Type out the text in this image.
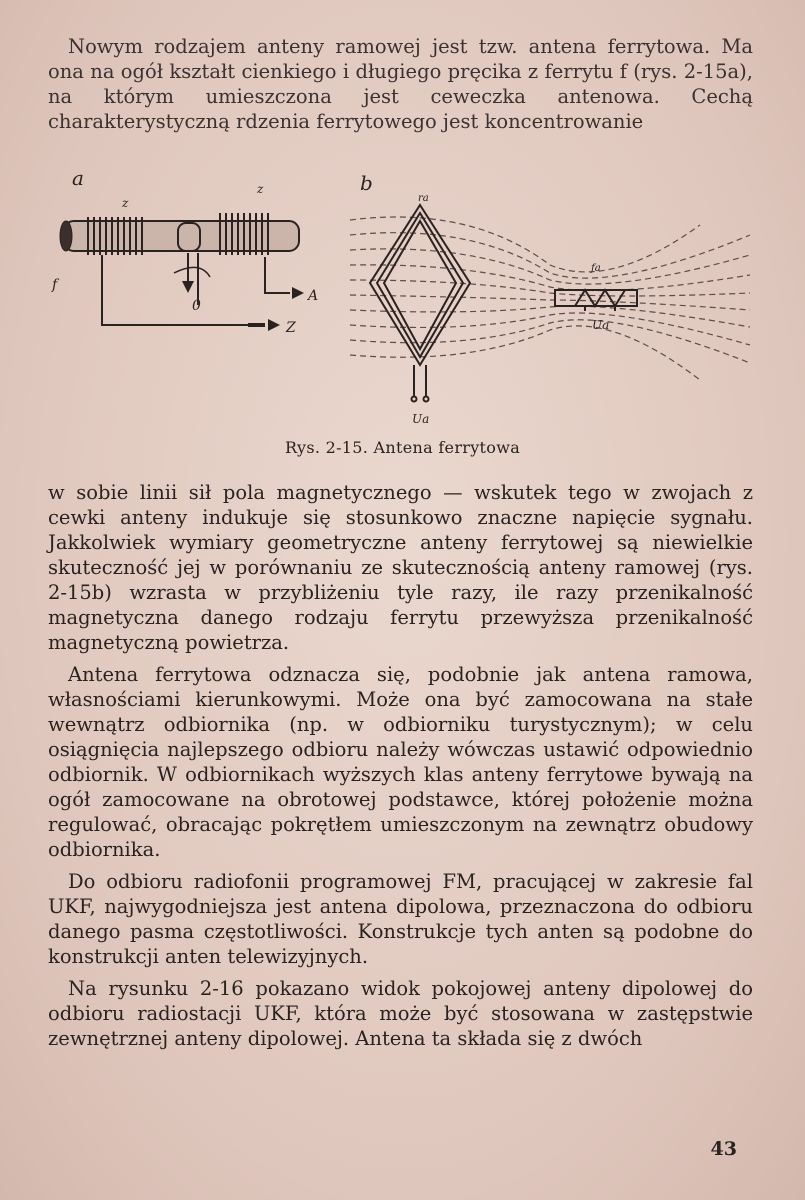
Nowym rodzajem anteny ramowej jest tzw. antena ferrytowa. Ma ona na ogół kształt cienkiego i długiego pręcika z ferrytu f (rys. 2-15a), na którym umieszczona jest ceweczka antenowa. Cechą charakterystyczną rdzenia ferrytowego jest koncentrowanie

a
z
z
f
0
A
Z
b
ra
fa
Ua
Ua
Rys. 2-15. Antena ferrytowa

w sobie linii sił pola magnetycznego — wskutek tego w zwojach z cewki anteny indukuje się stosunkowo znaczne napięcie sygnału. Jakkolwiek wymiary geometryczne anteny ferrytowej są niewielkie skuteczność jej w porównaniu ze skutecznością anteny ramowej (rys. 2-15b) wzrasta w przybliżeniu tyle razy, ile razy przenikalność magnetyczna danego rodzaju ferrytu przewyższa przenikalność magnetyczną powietrza.

Antena ferrytowa odznacza się, podobnie jak antena ramowa, własnościami kierunkowymi. Może ona być zamocowana na stałe wewnątrz odbiornika (np. w odbiorniku turystycznym); w celu osiągnięcia najlepszego odbioru należy wówczas ustawić odpowiednio odbiornik. W odbiornikach wyższych klas anteny ferrytowe bywają na ogół zamocowane na obrotowej podstawce, której położenie można regulować, obracając pokrętłem umieszczonym na zewnątrz obudowy odbiornika.

Do odbioru radiofonii programowej FM, pracującej w zakresie fal UKF, najwygodniejsza jest antena dipolowa, przeznaczona do odbioru danego pasma częstotliwości. Konstrukcje tych anten są podobne do konstrukcji anten telewizyjnych.

Na rysunku 2-16 pokazano widok pokojowej anteny dipolowej do odbioru radiostacji UKF, która może być stosowana w zastępstwie zewnętrznej anteny dipolowej. Antena ta składa się z dwóch

43
